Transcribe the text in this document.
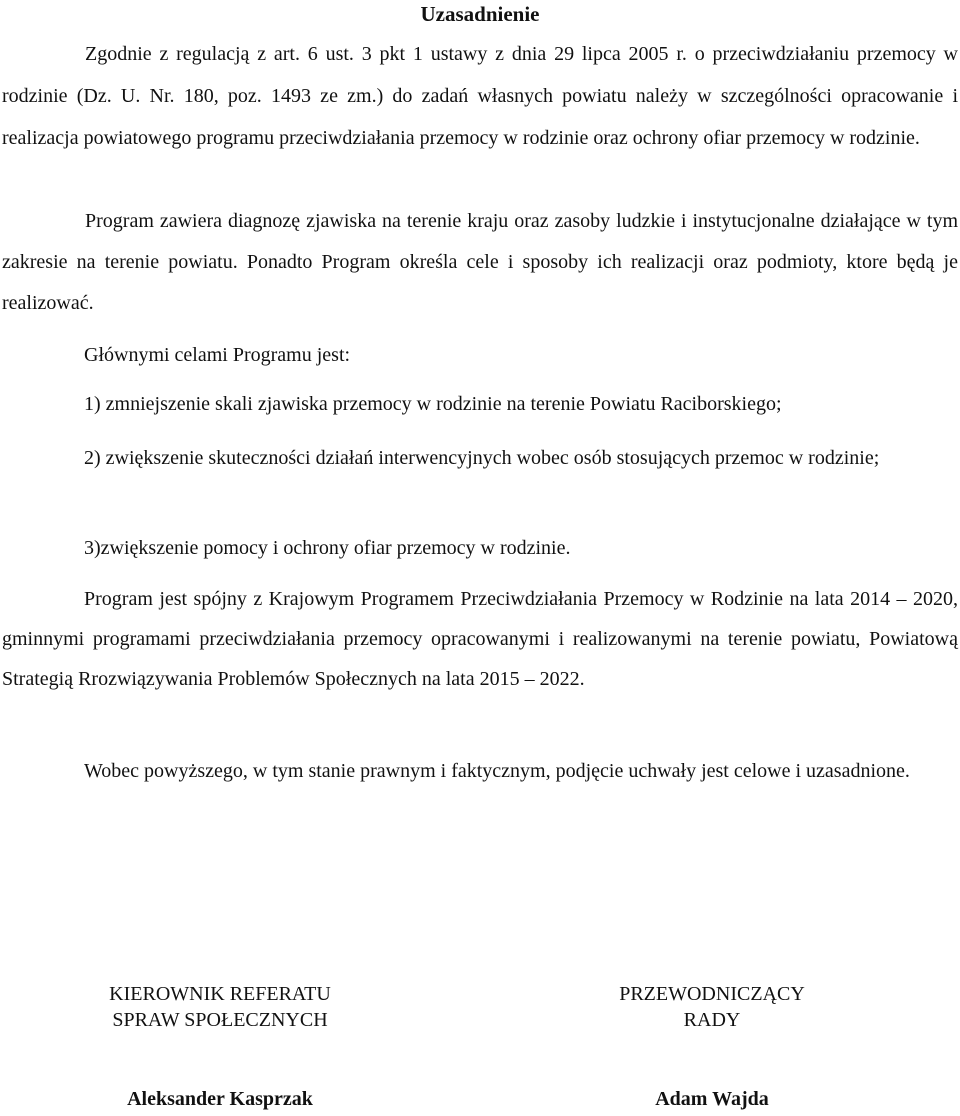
Uzasadnienie

Zgodnie z regulacją z art. 6 ust. 3 pkt 1 ustawy z dnia 29 lipca 2005 r. o przeciwdziałaniu przemocy w rodzinie (Dz. U. Nr. 180, poz. 1493 ze zm.) do zadań własnych powiatu należy w szczególności opracowanie i realizacja powiatowego programu przeciwdziałania przemocy w rodzinie oraz ochrony ofiar przemocy w rodzinie.

Program zawiera diagnozę zjawiska na terenie kraju oraz zasoby ludzkie i instytucjonalne działające w tym zakresie na terenie powiatu. Ponadto Program określa cele i sposoby ich realizacji oraz podmioty, ktore będą je realizować.

Głównymi celami Programu jest:

1) zmniejszenie skali zjawiska przemocy w rodzinie na terenie Powiatu Raciborskiego;

2) zwiększenie skuteczności działań interwencyjnych wobec osób stosujących przemoc w rodzinie;

3)zwiększenie pomocy i ochrony ofiar przemocy w rodzinie.

Program jest spójny z Krajowym Programem Przeciwdziałania Przemocy w Rodzinie na lata 2014 – 2020, gminnymi programami przeciwdziałania przemocy opracowanymi i realizowanymi na terenie powiatu, Powiatową Strategią Rrozwiązywania Problemów Społecznych na lata 2015 – 2022.

Wobec powyższego, w tym stanie prawnym i faktycznym, podjęcie uchwały jest celowe i uzasadnione.

KIEROWNIK REFERATU
SPRAW SPOŁECZNYCH
PRZEWODNICZĄCY
RADY
Aleksander Kasprzak	Adam Wajda
